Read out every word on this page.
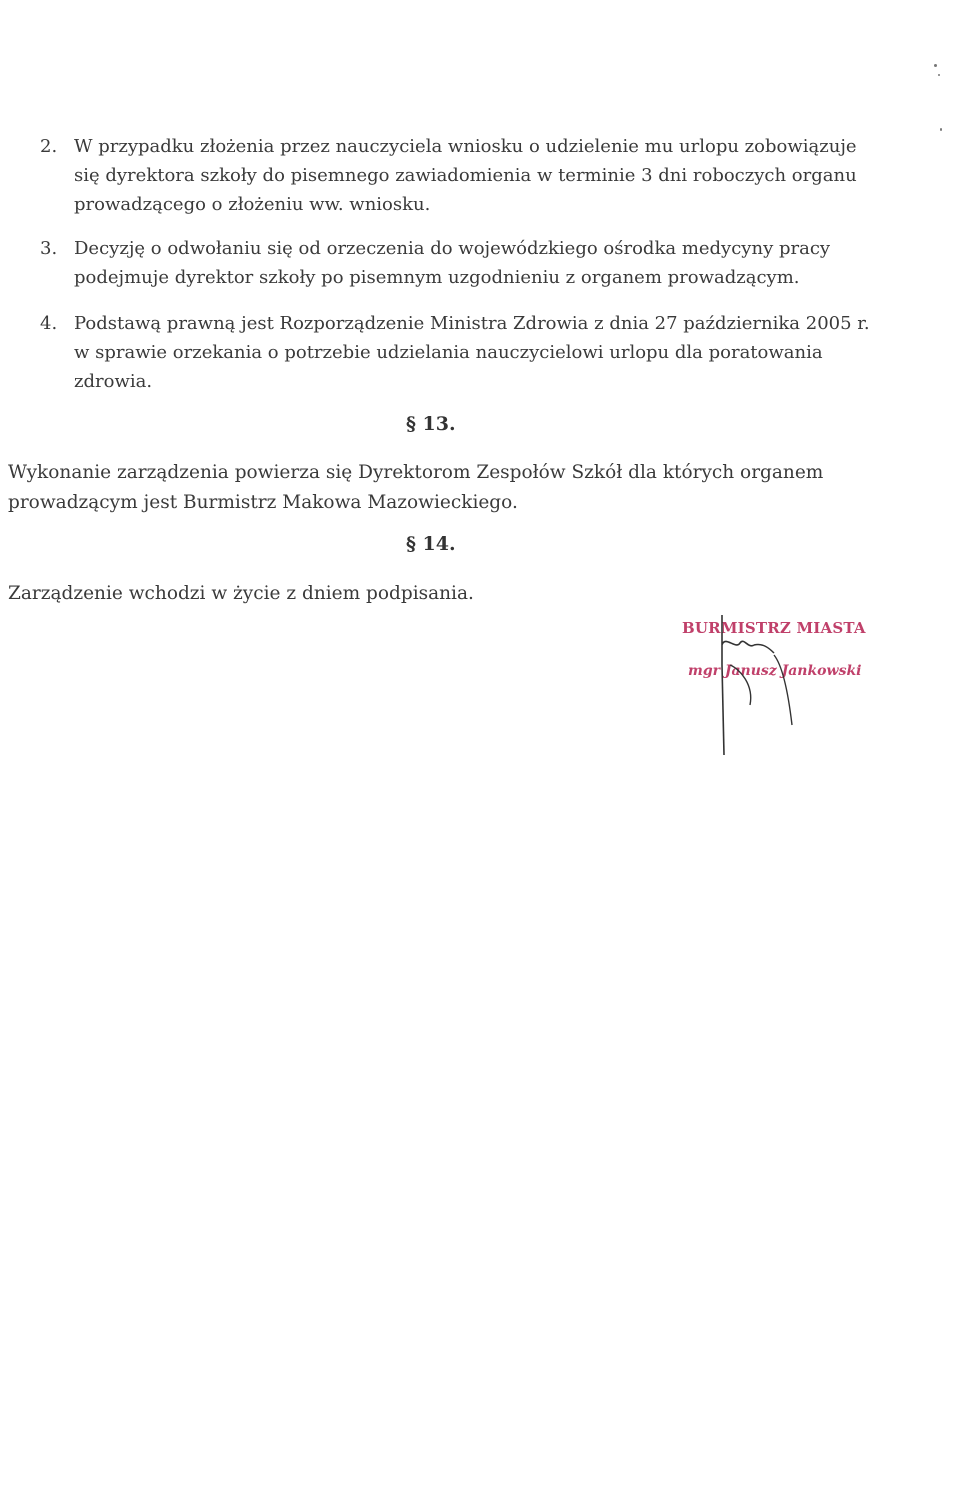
2. W przypadku złożenia przez nauczyciela wniosku o udzielenie mu urlopu zobowiązuje
się dyrektora szkoły do pisemnego zawiadomienia w terminie 3 dni roboczych organu
prowadzącego o złożeniu ww. wniosku.
3. Decyzję o odwołaniu się od orzeczenia do wojewódzkiego ośrodka medycyny pracy
podejmuje dyrektor szkoły po pisemnym uzgodnieniu z organem prowadzącym.
4. Podstawą prawną jest Rozporządzenie Ministra Zdrowia z dnia 27 października 2005 r.
w sprawie orzekania o potrzebie udzielania nauczycielowi urlopu dla poratowania
zdrowia.
§ 13.
Wykonanie zarządzenia powierza się Dyrektorom Zespołów Szkół dla których organem
prowadzącym jest Burmistrz Makowa Mazowieckiego.
§ 14.
Zarządzenie wchodzi w życie z dniem podpisania.
BURMISTRZ MIASTA
mgr Janusz Jankowski
